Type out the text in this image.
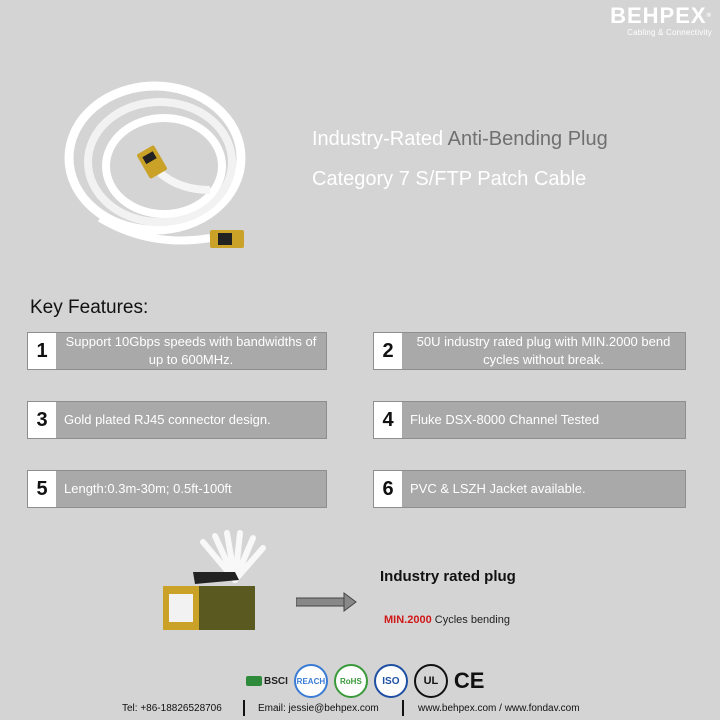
BEHPEX®
Cabling & Connectivity
Industry-Rated Anti-Bending Plug
Category 7 S/FTP Patch Cable
Key Features:
1	Support 10Gbps speeds with bandwidths of up to 600MHz.	2	50U industry rated plug with MIN.2000 bend cycles without break.
3	Gold plated RJ45 connector design.	4	Fluke DSX-8000 Channel Tested
5	Length:0.3m-30m; 0.5ft-100ft	6	PVC & LSZH Jacket available.
Industry rated plug
MIN.2000 Cycles bending
BSCI	REACH	RoHS	ISO	UL CE
Tel: +86-18826528706	Email: jessie@behpex.com	www.behpex.com / www.fondav.com
